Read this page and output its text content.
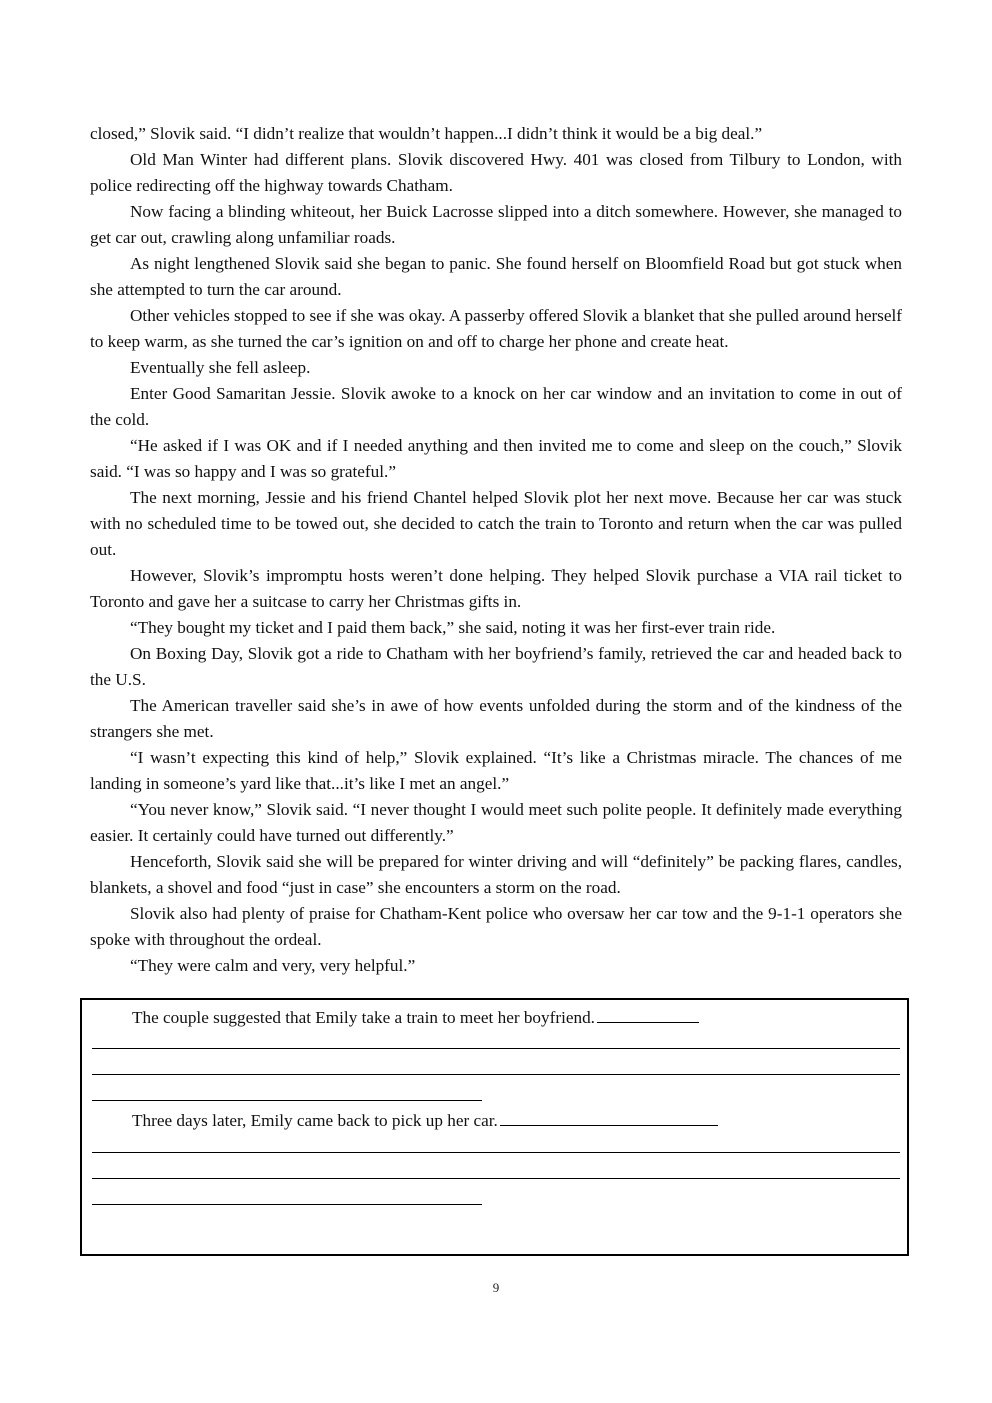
closed,” Slovik said. “I didn’t realize that wouldn’t happen...I didn’t think it would be a big deal.”

Old Man Winter had different plans. Slovik discovered Hwy. 401 was closed from Tilbury to London, with police redirecting off the highway towards Chatham.

Now facing a blinding whiteout, her Buick Lacrosse slipped into a ditch somewhere. However, she managed to get car out, crawling along unfamiliar roads.

As night lengthened Slovik said she began to panic. She found herself on Bloomfield Road but got stuck when she attempted to turn the car around.

Other vehicles stopped to see if she was okay. A passerby offered Slovik a blanket that she pulled around herself to keep warm, as she turned the car’s ignition on and off to charge her phone and create heat.

Eventually she fell asleep.

Enter Good Samaritan Jessie. Slovik awoke to a knock on her car window and an invitation to come in out of the cold.

“He asked if I was OK and if I needed anything and then invited me to come and sleep on the couch,” Slovik said. “I was so happy and I was so grateful.”

The next morning, Jessie and his friend Chantel helped Slovik plot her next move. Because her car was stuck with no scheduled time to be towed out, she decided to catch the train to Toronto and return when the car was pulled out.

However, Slovik’s impromptu hosts weren’t done helping. They helped Slovik purchase a VIA rail ticket to Toronto and gave her a suitcase to carry her Christmas gifts in.

“They bought my ticket and I paid them back,” she said, noting it was her first-ever train ride.

On Boxing Day, Slovik got a ride to Chatham with her boyfriend’s family, retrieved the car and headed back to the U.S.

The American traveller said she’s in awe of how events unfolded during the storm and of the kindness of the strangers she met.

“I wasn’t expecting this kind of help,” Slovik explained. “It’s like a Christmas miracle. The chances of me landing in someone’s yard like that...it’s like I met an angel.”

“You never know,” Slovik said. “I never thought I would meet such polite people. It definitely made everything easier. It certainly could have turned out differently.”

Henceforth, Slovik said she will be prepared for winter driving and will “definitely” be packing flares, candles, blankets, a shovel and food “just in case” she encounters a storm on the road.

Slovik also had plenty of praise for Chatham-Kent police who oversaw her car tow and the 9-1-1 operators she spoke with throughout the ordeal.

“They were calm and very, very helpful.”

The couple suggested that Emily take a train to meet her boyfriend.
Three days later, Emily came back to pick up her car.
9
